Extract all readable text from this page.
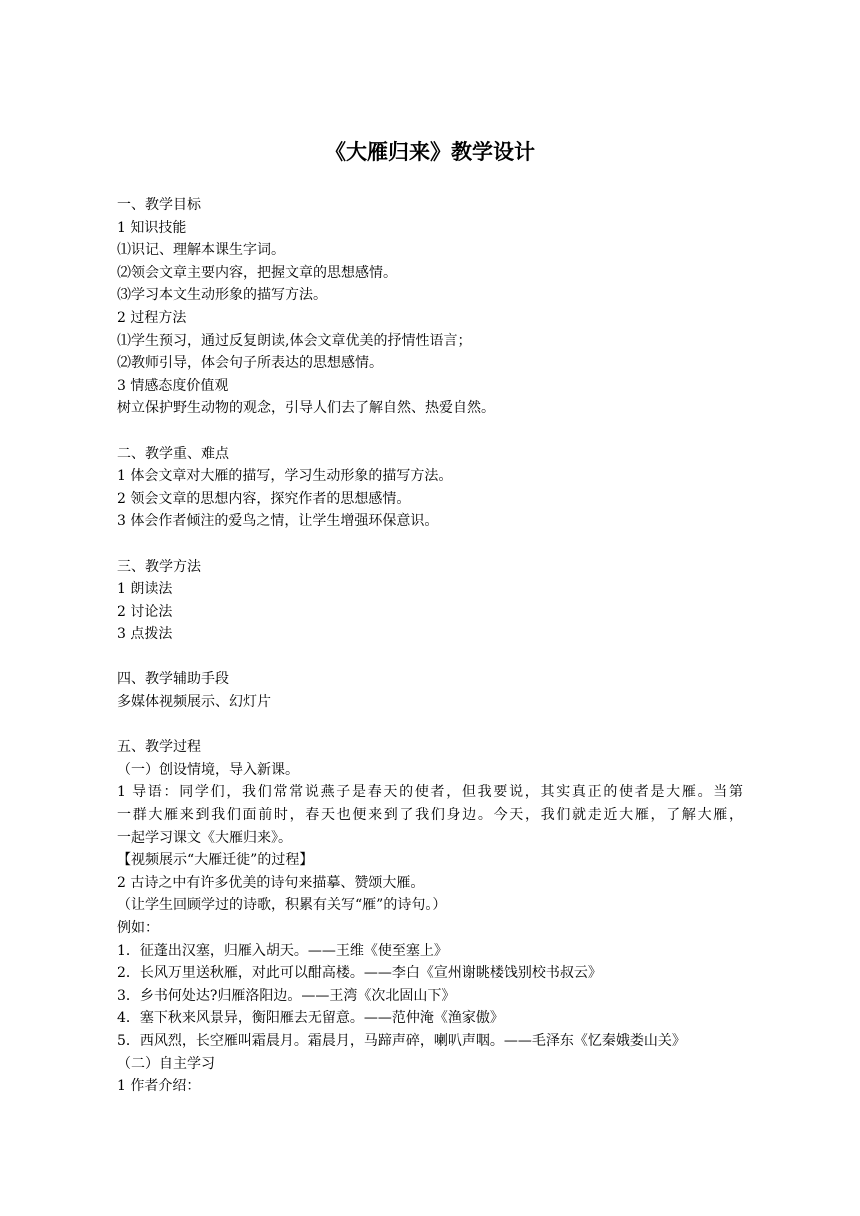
《大雁归来》教学设计
一、教学目标
1 知识技能
⑴识记、理解本课生字词。
⑵领会文章主要内容，把握文章的思想感情。
⑶学习本文生动形象的描写方法。
2 过程方法
⑴学生预习，通过反复朗读,体会文章优美的抒情性语言；
⑵教师引导，体会句子所表达的思想感情。
3 情感态度价值观
树立保护野生动物的观念，引导人们去了解自然、热爱自然。
二、教学重、难点
1 体会文章对大雁的描写，学习生动形象的描写方法。
2 领会文章的思想内容，探究作者的思想感情。
3 体会作者倾注的爱鸟之情，让学生增强环保意识。
三、教学方法
1 朗读法
2 讨论法
3 点拨法
四、教学辅助手段
多媒体视频展示、幻灯片
五、教学过程
（一）创设情境，导入新课。
1 导语：同学们，我们常常说燕子是春天的使者，但我要说，其实真正的使者是大雁。当第
一群大雁来到我们面前时，春天也便来到了我们身边。今天，我们就走近大雁，了解大雁，
一起学习课文《大雁归来》。
【视频展示“大雁迁徙”的过程】
2 古诗之中有许多优美的诗句来描摹、赞颂大雁。
（让学生回顾学过的诗歌，积累有关写“雁”的诗句。）
例如：
1．征蓬出汉塞，归雁入胡天。——王维《使至塞上》
2．长风万里送秋雁，对此可以酣高楼。——李白《宣州谢眺楼饯别校书叔云》
3．乡书何处达?归雁洛阳边。——王湾《次北固山下》
4．塞下秋来风景异，衡阳雁去无留意。——范仲淹《渔家傲》
5．西风烈，长空雁叫霜晨月。霜晨月，马蹄声碎，喇叭声咽。——毛泽东《忆秦娥娄山关》
（二）自主学习
1 作者介绍：
